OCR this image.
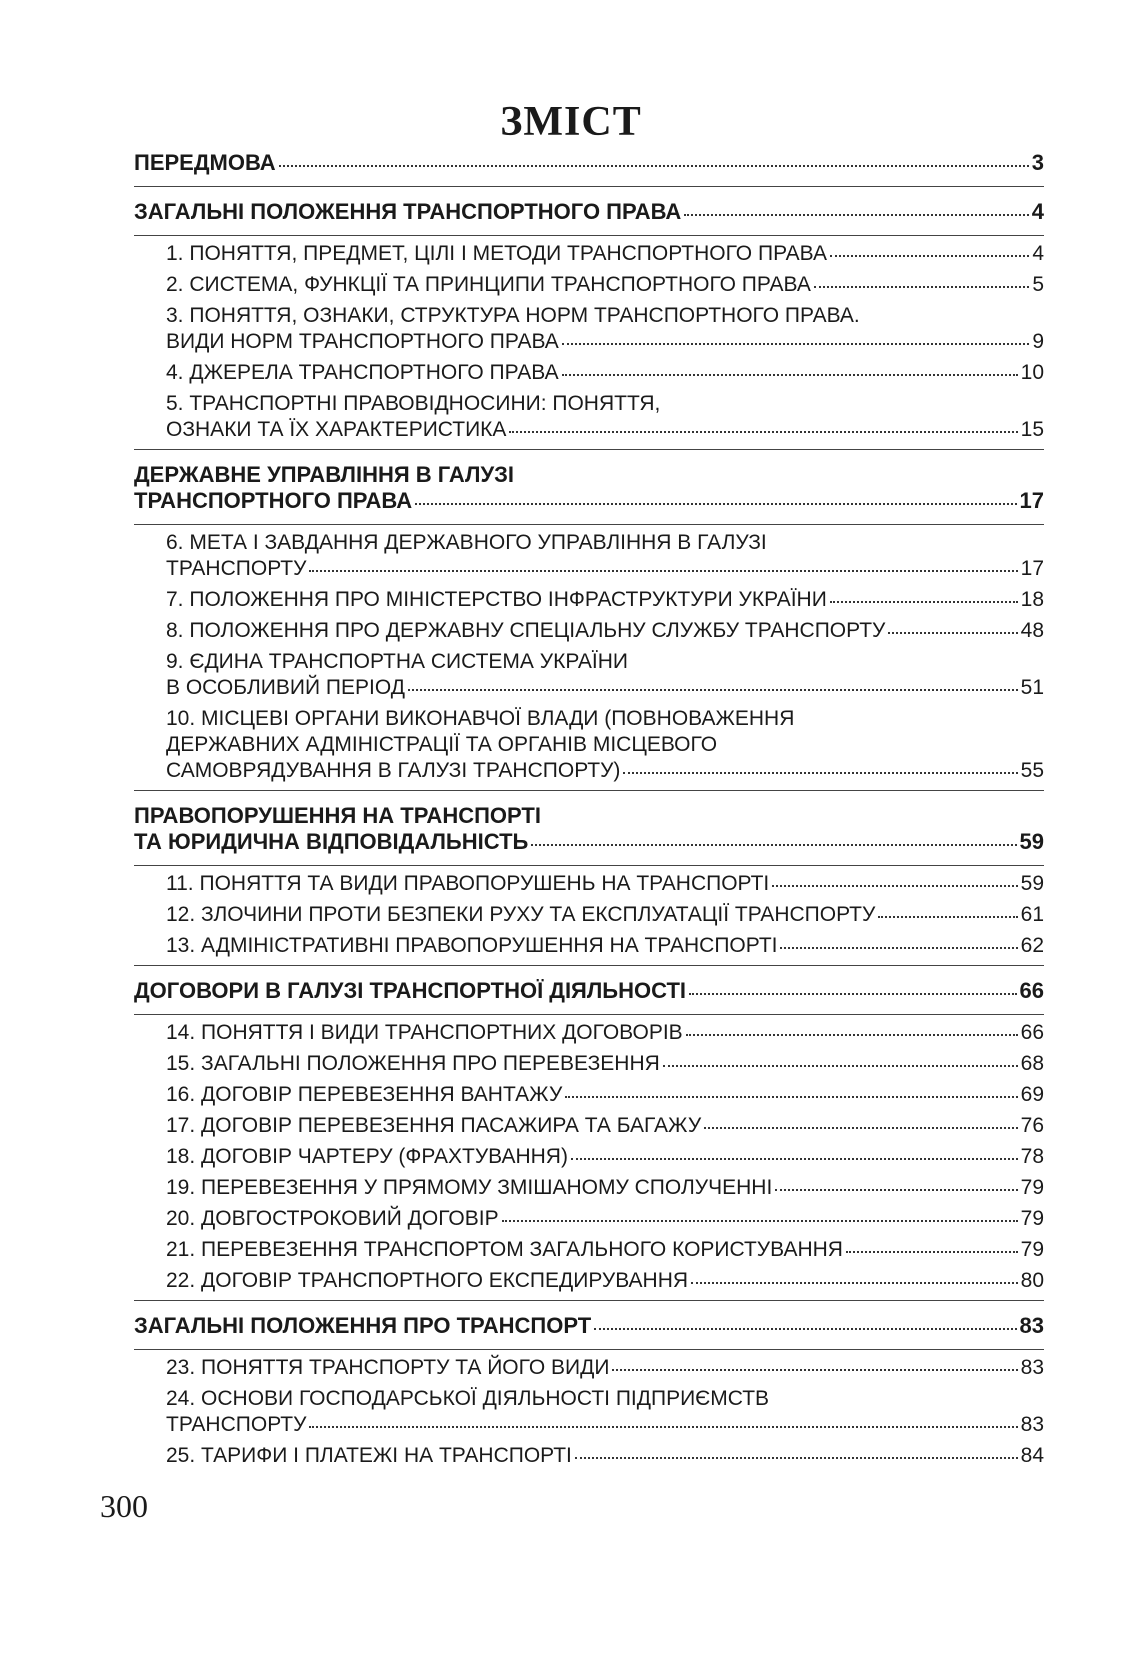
ЗМІСТ
ПЕРЕДМОВА	3
ЗАГАЛЬНІ ПОЛОЖЕННЯ ТРАНСПОРТНОГО ПРАВА	4
1. ПОНЯТТЯ, ПРЕДМЕТ, ЦІЛІ І МЕТОДИ ТРАНСПОРТНОГО ПРАВА	4
2. СИСТЕМА, ФУНКЦІЇ ТА ПРИНЦИПИ ТРАНСПОРТНОГО ПРАВА	5
3. ПОНЯТТЯ, ОЗНАКИ, СТРУКТУРА НОРМ ТРАНСПОРТНОГО ПРАВА.
ВИДИ НОРМ ТРАНСПОРТНОГО ПРАВА	9
4. ДЖЕРЕЛА ТРАНСПОРТНОГО ПРАВА	10
5. ТРАНСПОРТНІ ПРАВОВІДНОСИНИ: ПОНЯТТЯ,
ОЗНАКИ ТА ЇХ ХАРАКТЕРИСТИКА	15
ДЕРЖАВНЕ УПРАВЛІННЯ В ГАЛУЗІ
ТРАНСПОРТНОГО ПРАВА	17
6. МЕТА І ЗАВДАННЯ ДЕРЖАВНОГО УПРАВЛІННЯ В ГАЛУЗІ
ТРАНСПОРТУ	17
7. ПОЛОЖЕННЯ ПРО МІНІСТЕРСТВО ІНФРАСТРУКТУРИ УКРАЇНИ	18
8. ПОЛОЖЕННЯ ПРО ДЕРЖАВНУ СПЕЦІАЛЬНУ СЛУЖБУ ТРАНСПОРТУ	48
9. ЄДИНА ТРАНСПОРТНА СИСТЕМА УКРАЇНИ
В ОСОБЛИВИЙ ПЕРІОД	51
10. МІСЦЕВІ ОРГАНИ ВИКОНАВЧОЇ ВЛАДИ (ПОВНОВАЖЕННЯ
ДЕРЖАВНИХ АДМІНІСТРАЦІЇ ТА ОРГАНІВ МІСЦЕВОГО
САМОВРЯДУВАННЯ В ГАЛУЗІ ТРАНСПОРТУ)	55
ПРАВОПОРУШЕННЯ НА ТРАНСПОРТІ
ТА ЮРИДИЧНА ВІДПОВІДАЛЬНІСТЬ	59
11. ПОНЯТТЯ ТА ВИДИ ПРАВОПОРУШЕНЬ НА ТРАНСПОРТІ	59
12. ЗЛОЧИНИ ПРОТИ БЕЗПЕКИ РУХУ ТА ЕКСПЛУАТАЦІЇ ТРАНСПОРТУ	61
13. АДМІНІСТРАТИВНІ ПРАВОПОРУШЕННЯ НА ТРАНСПОРТІ	62
ДОГОВОРИ В ГАЛУЗІ ТРАНСПОРТНОЇ ДІЯЛЬНОСТІ	66
14. ПОНЯТТЯ І ВИДИ ТРАНСПОРТНИХ ДОГОВОРІВ	66
15. ЗАГАЛЬНІ ПОЛОЖЕННЯ ПРО ПЕРЕВЕЗЕННЯ	68
16. ДОГОВІР ПЕРЕВЕЗЕННЯ ВАНТАЖУ	69
17. ДОГОВІР ПЕРЕВЕЗЕННЯ ПАСАЖИРА ТА БАГАЖУ	76
18. ДОГОВІР ЧАРТЕРУ (ФРАХТУВАННЯ)	78
19. ПЕРЕВЕЗЕННЯ У ПРЯМОМУ ЗМІШАНОМУ СПОЛУЧЕННІ	79
20. ДОВГОСТРОКОВИЙ ДОГОВІР	79
21. ПЕРЕВЕЗЕННЯ ТРАНСПОРТОМ ЗАГАЛЬНОГО КОРИСТУВАННЯ	79
22. ДОГОВІР ТРАНСПОРТНОГО ЕКСПЕДИРУВАННЯ	80
ЗАГАЛЬНІ ПОЛОЖЕННЯ ПРО ТРАНСПОРТ	83
23. ПОНЯТТЯ ТРАНСПОРТУ ТА ЙОГО ВИДИ	83
24. ОСНОВИ ГОСПОДАРСЬКОЇ ДІЯЛЬНОСТІ ПІДПРИЄМСТВ
ТРАНСПОРТУ	83
25. ТАРИФИ І ПЛАТЕЖІ НА ТРАНСПОРТІ	84
300
